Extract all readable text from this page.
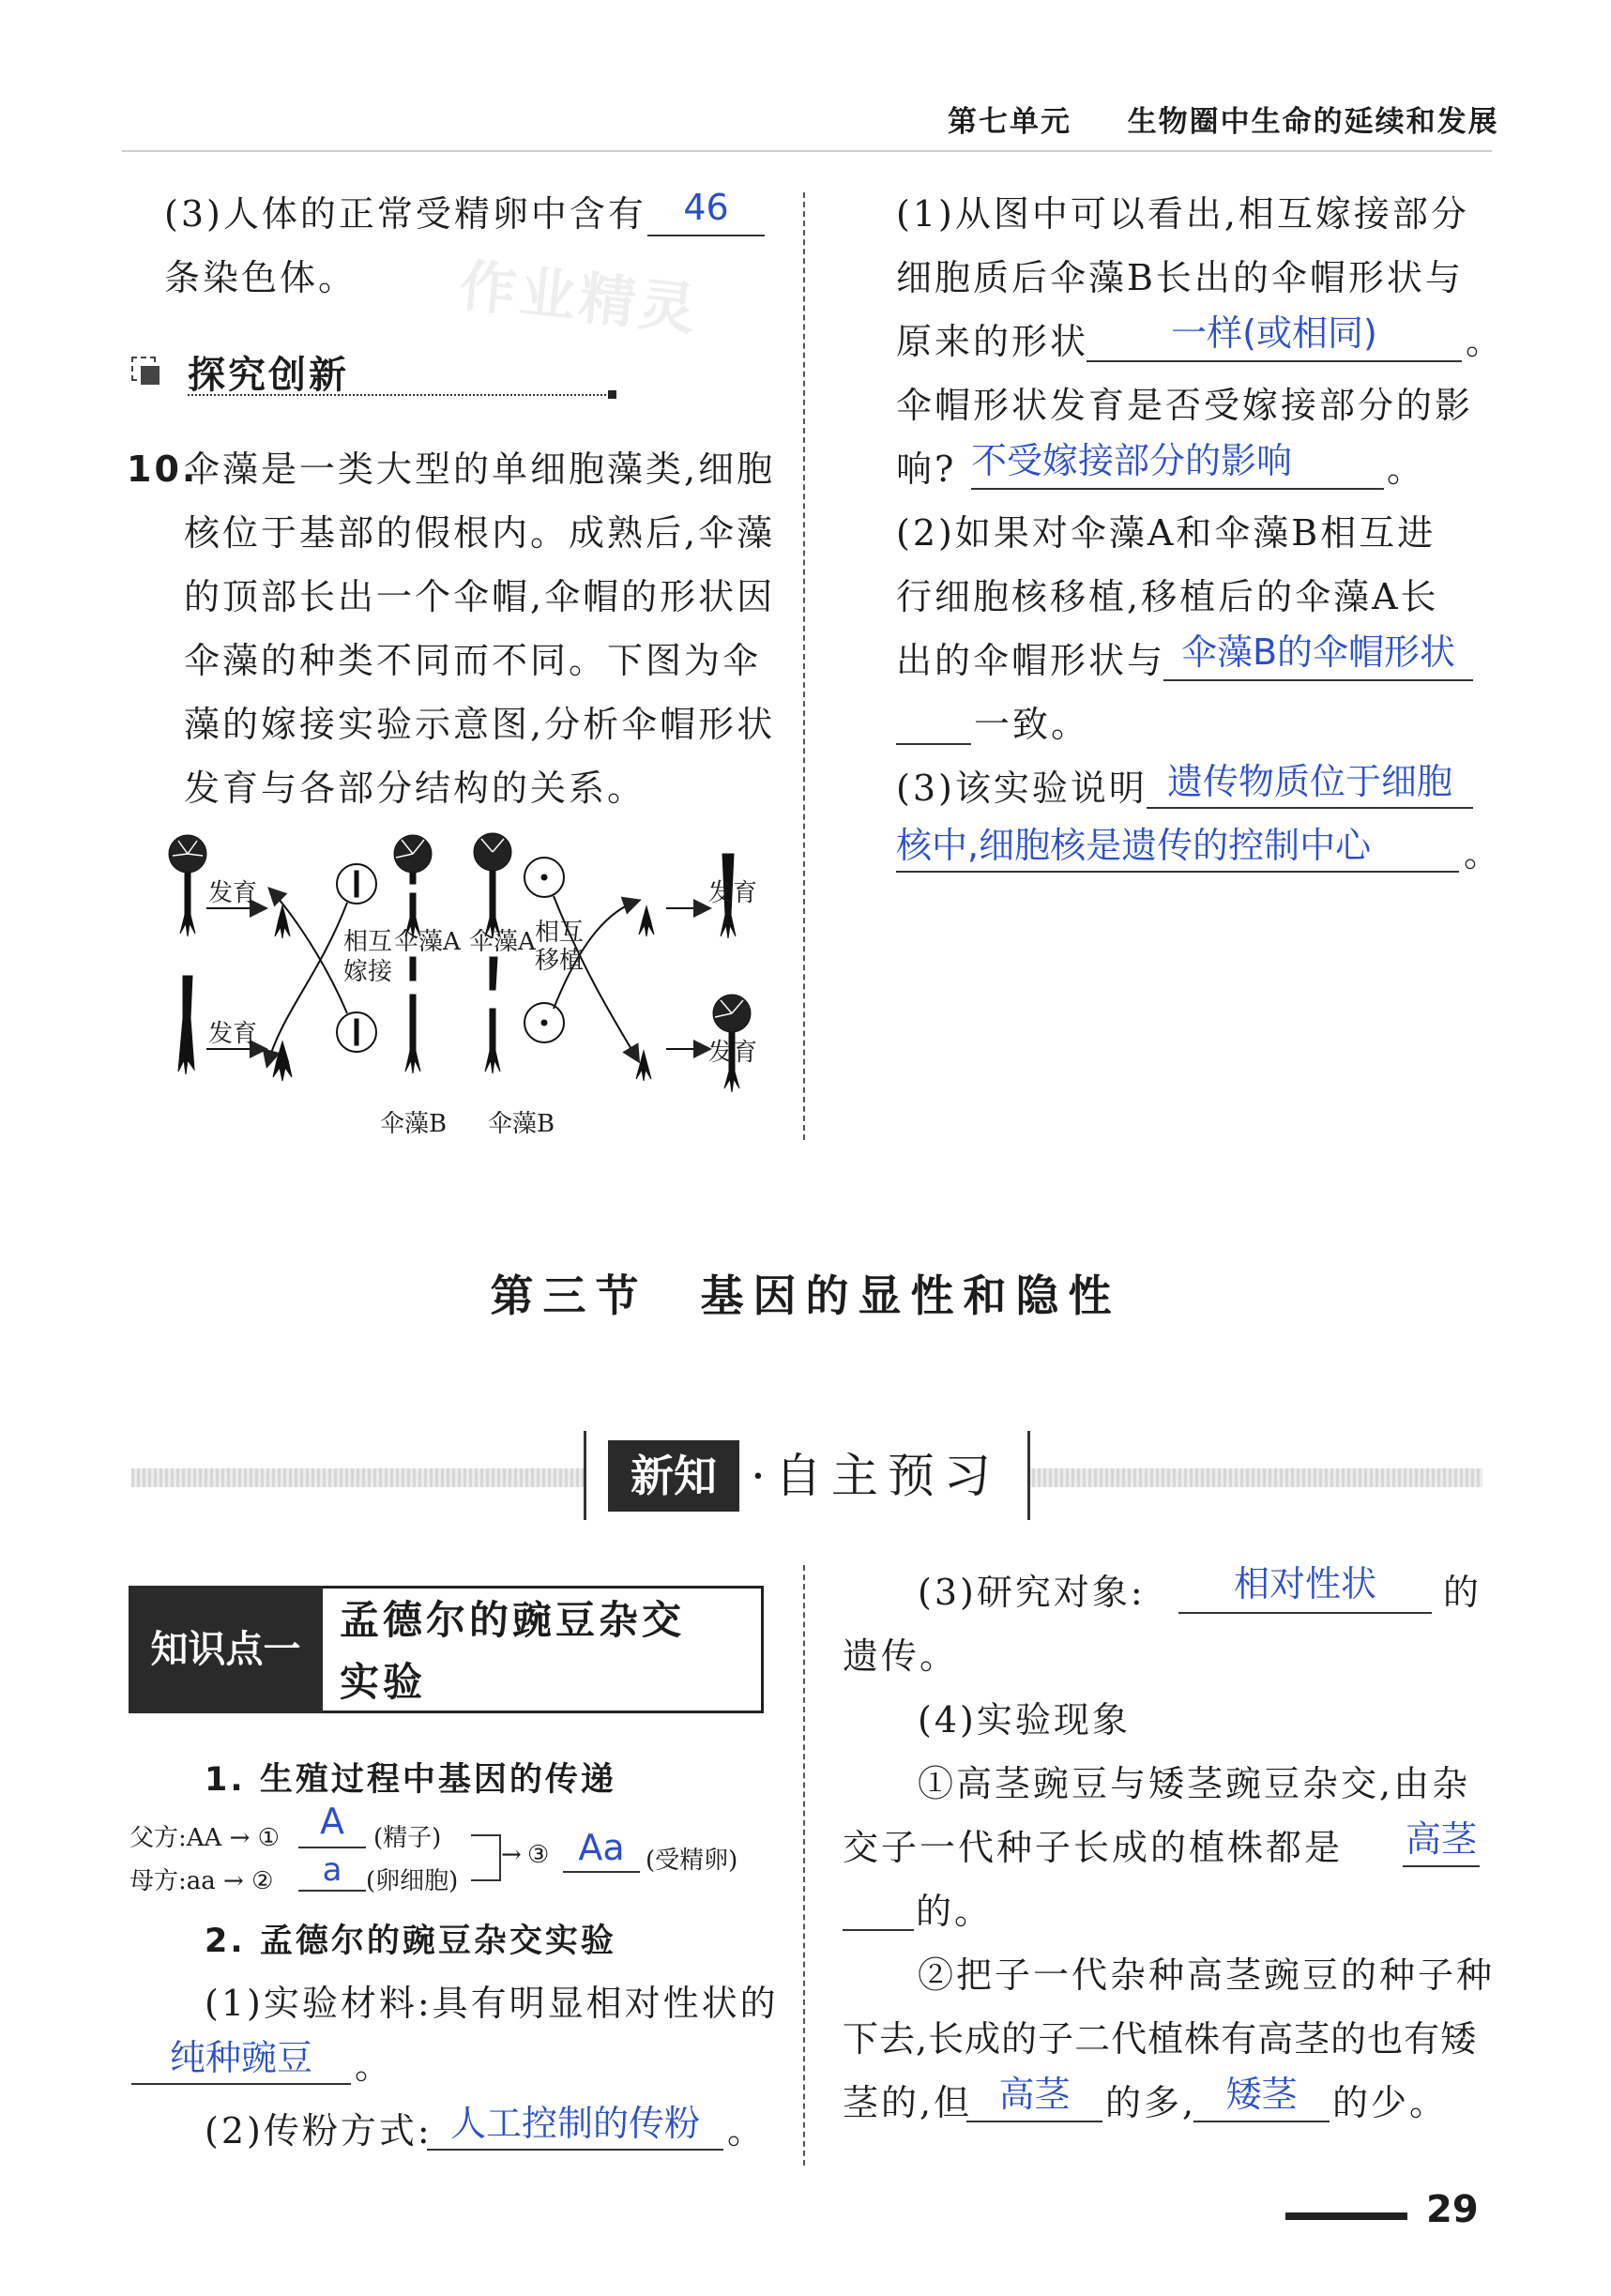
第七单元 生物圈中生命的延续和发展
(3)人体的正常受精卵中含有	46
条染色体。 作业精灵
探究创新
10.
伞藻是一类大型的单细胞藻类,细胞
核位于基部的假根内。成熟后,伞藻
的顶部长出一个伞帽,伞帽的形状因
伞藻的种类不同而不同。下图为伞
藻的嫁接实验示意图,分析伞帽形状
发育与各部分结构的关系。
发育
发育
发育
发育
相互
嫁接
相互
移植
伞藻A 伞藻A
伞藻B 伞藻B
(1)从图中可以看出,相互嫁接部分
细胞质后伞藻B长出的伞帽形状与
原来的形状	一样(或相同)	。
伞帽形状发育是否受嫁接部分的影
响? 不受嫁接部分的影响	。
(2)如果对伞藻A和伞藻B相互进
行细胞核移植,移植后的伞藻A长
出的伞帽形状与 伞藻B的伞帽形状
一致。
(3)该实验说明 遗传物质位于细胞
核中,细胞核是遗传的控制中心	。
第三节　基因的显性和隐性
新知 ·自主预习
知识点一
孟德尔的豌豆杂交
实验
1. 生殖过程中基因的传递
父方:AA → ①	A	(精子)
母方:aa → ②	a (卵细胞)
→ ③ Aa (受精卵)
2. 孟德尔的豌豆杂交实验
(1)实验材料:具有明显相对性状的
纯种豌豆	。
(2)传粉方式: 人工控制的传粉 。
(3)研究对象:	相对性状	的
遗传。
(4)实验现象
①高茎豌豆与矮茎豌豆杂交,由杂
交子一代种子长成的植株都是 高茎
的。
②把子一代杂种高茎豌豆的种子种
下去,长成的子二代植株有高茎的也有矮
茎的,但 高茎 的多, 矮茎 的少。
29
